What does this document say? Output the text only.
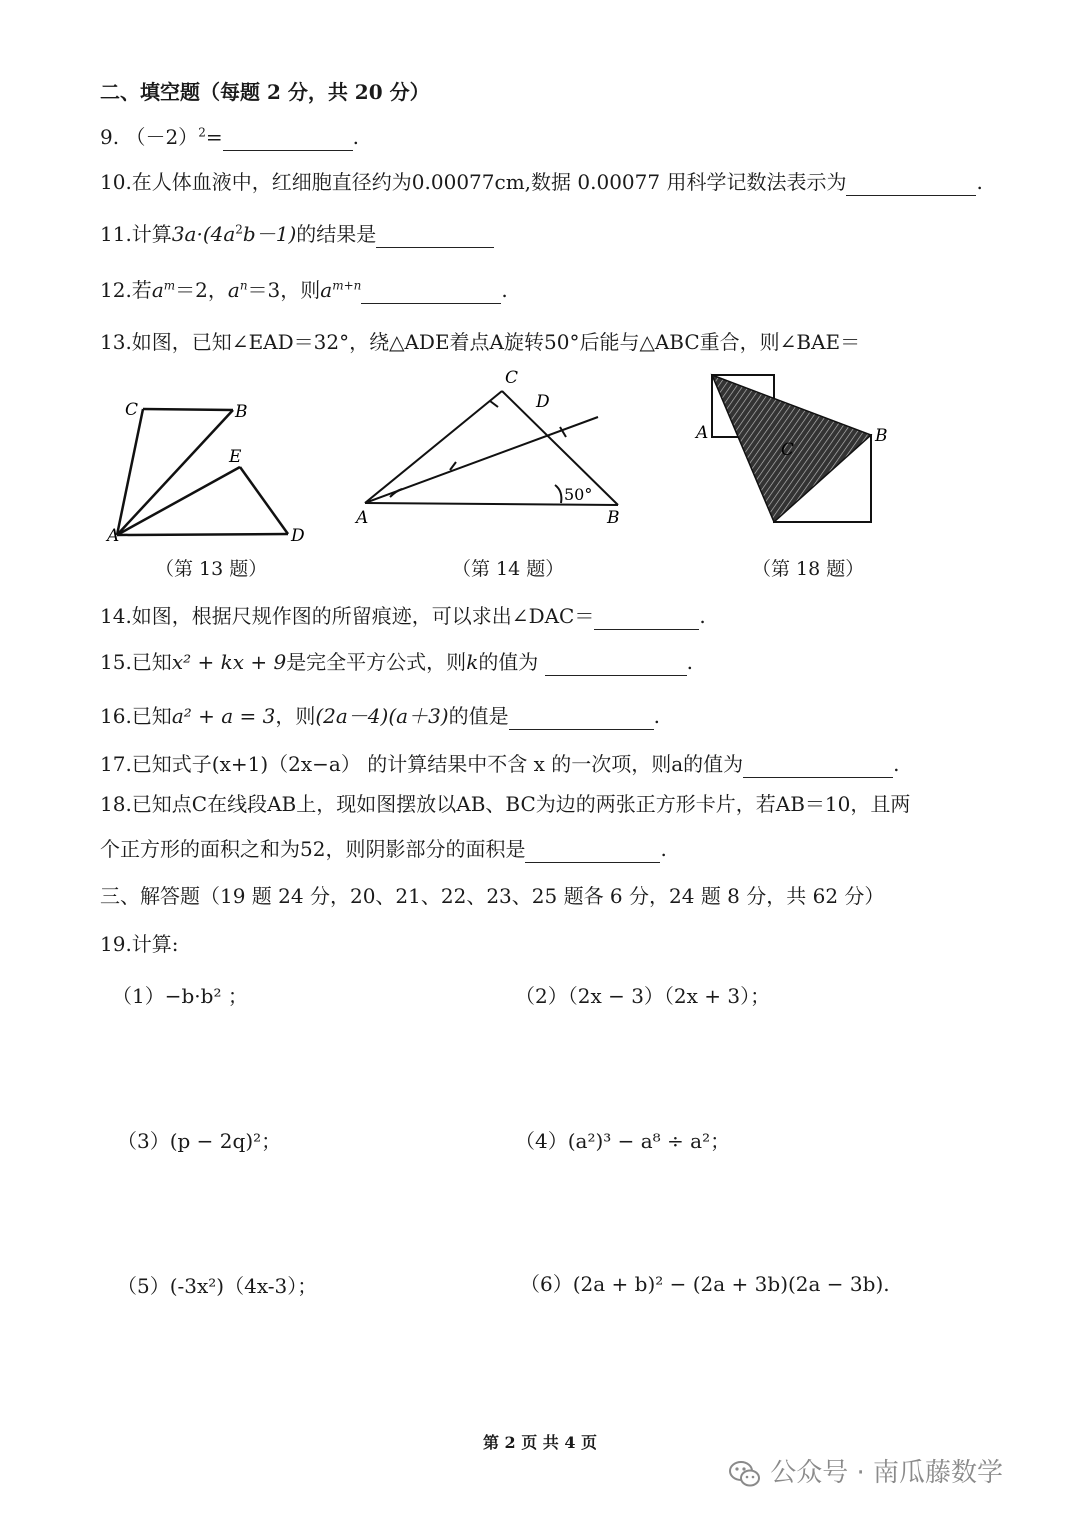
二、填空题（每题 2 分，共 20 分）
9. $(-2)^2=$	.
10.在人体血液中，红细胞直径约为0.00077cm,数据 0.00077 用科学记数法表示为	.
11.计算$3a\cdot(4a^2b-1)$的结果是
12.若$a^m=2$，$a^n=3$，则$a^{m+n}$	.
13.如图，已知∠EAD＝32°，绕△ADE着点A旋转50°后能与△ABC重合，则∠BAE＝
C	B
E
A	D
（第 13 题）
C
D
A	B
50°
（第 14 题）
A
C
B
（第 18 题）
14.如图，根据尺规作图的所留痕迹，可以求出∠DAC＝	.
15.已知x² + kx + 9是完全平方公式，则k的值为	.
16.已知a² + a = 3，则(2a－4)(a＋3)的值是	.
17.已知式子(x+1)（2x−a） 的计算结果中不含 x 的一次项，则a的值为	.
18.已知点C在线段AB上，现如图摆放以AB、BC为边的两张正方形卡片，若AB＝10，且两
个正方形的面积之和为52，则阴影部分的面积是	.
三、解答题（19 题 24 分，20、21、22、23、25 题各 6 分，24 题 8 分，共 62 分）
19.计算:
（1）−b·b² ；	（2）（2x − 3）（2x + 3）；
（3）(p − 2q)²；	（4）(a²)³ − a⁸ ÷ a²；
（5）(-3x²)（4x-3）；	（6）(2a + b)² − (2a + 3b)(2a − 3b).
第 2 页 共 4 页
公众号 · 南瓜藤数学
